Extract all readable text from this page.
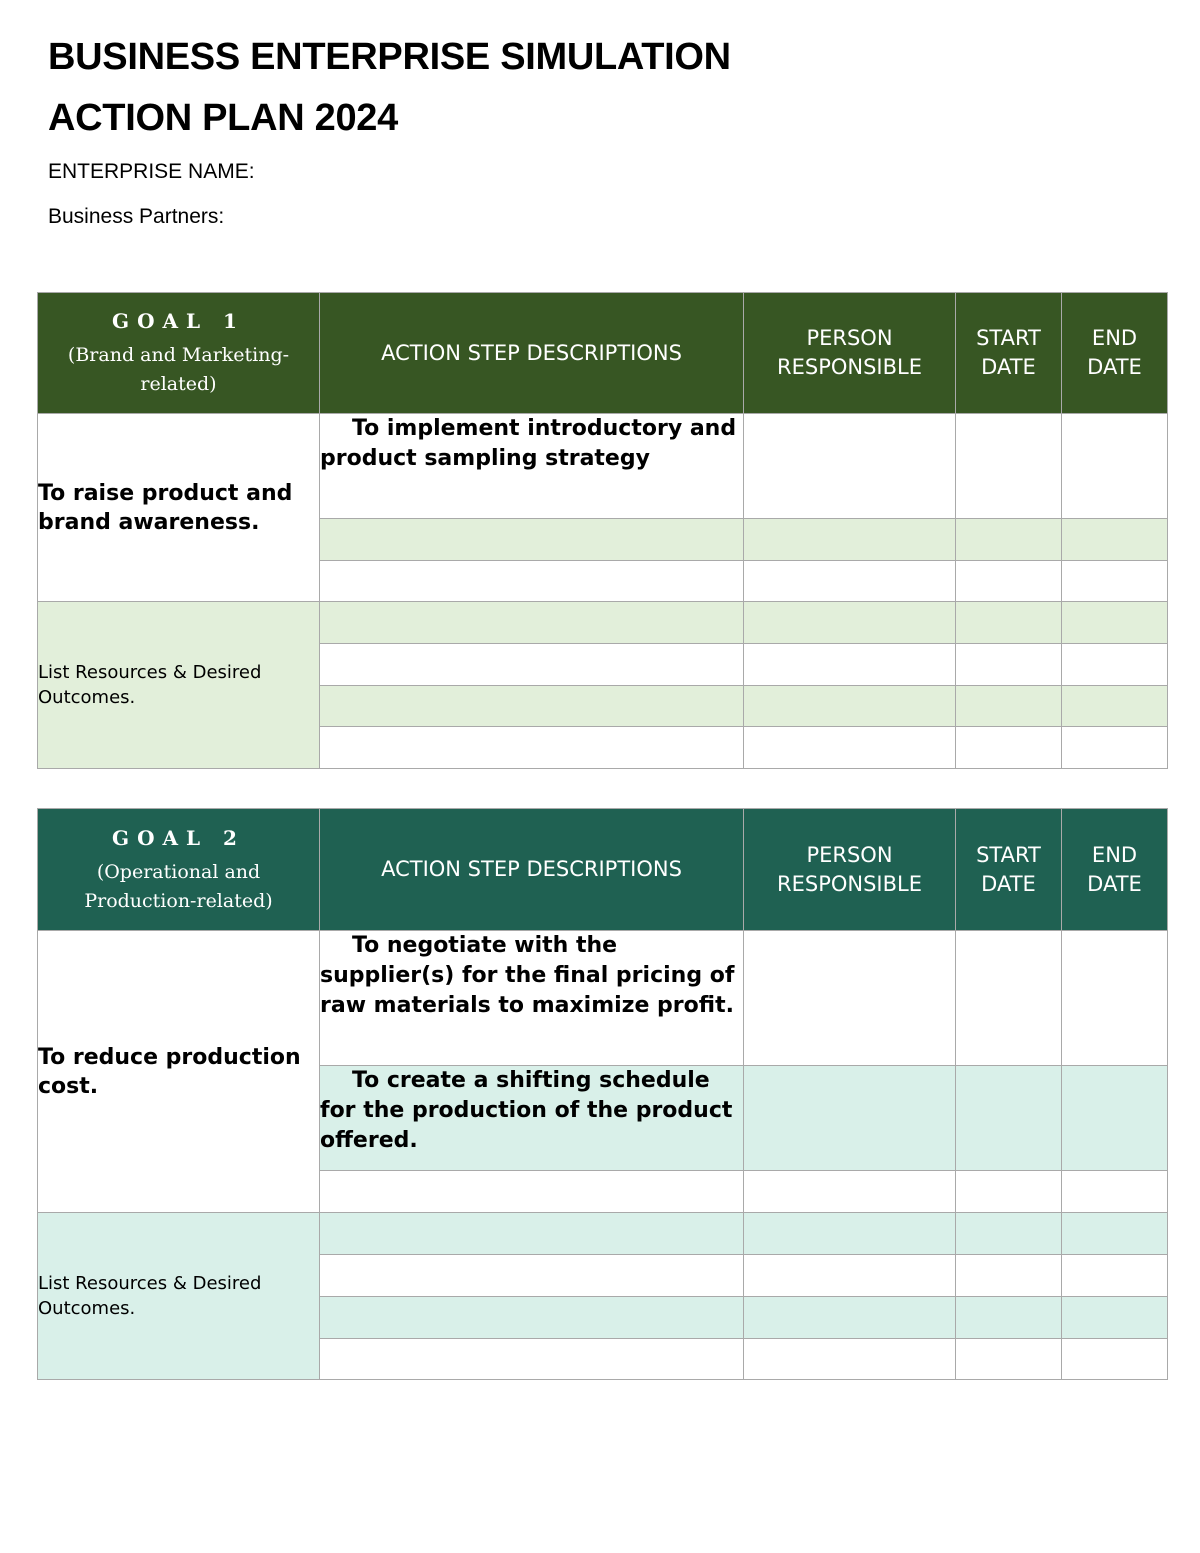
BUSINESS ENTERPRISE SIMULATION
ACTION PLAN 2024

ENTERPRISE NAME:

Business Partners:

GOAL 1
(Brand and Marketing-related)	ACTION STEP DESCRIPTIONS	PERSON RESPONSIBLE	START DATE	END DATE
To raise product and brand awareness.	To implement introductory and product sampling strategy			

List Resources & Desired Outcomes.				

GOAL 2
(Operational and Production-related)	ACTION STEP DESCRIPTIONS	PERSON RESPONSIBLE	START DATE	END DATE
To reduce production cost.	To negotiate with the supplier(s) for the final pricing of raw materials to maximize profit.			
	To create a shifting schedule for the production of the product offered.			

List Resources & Desired Outcomes.				
